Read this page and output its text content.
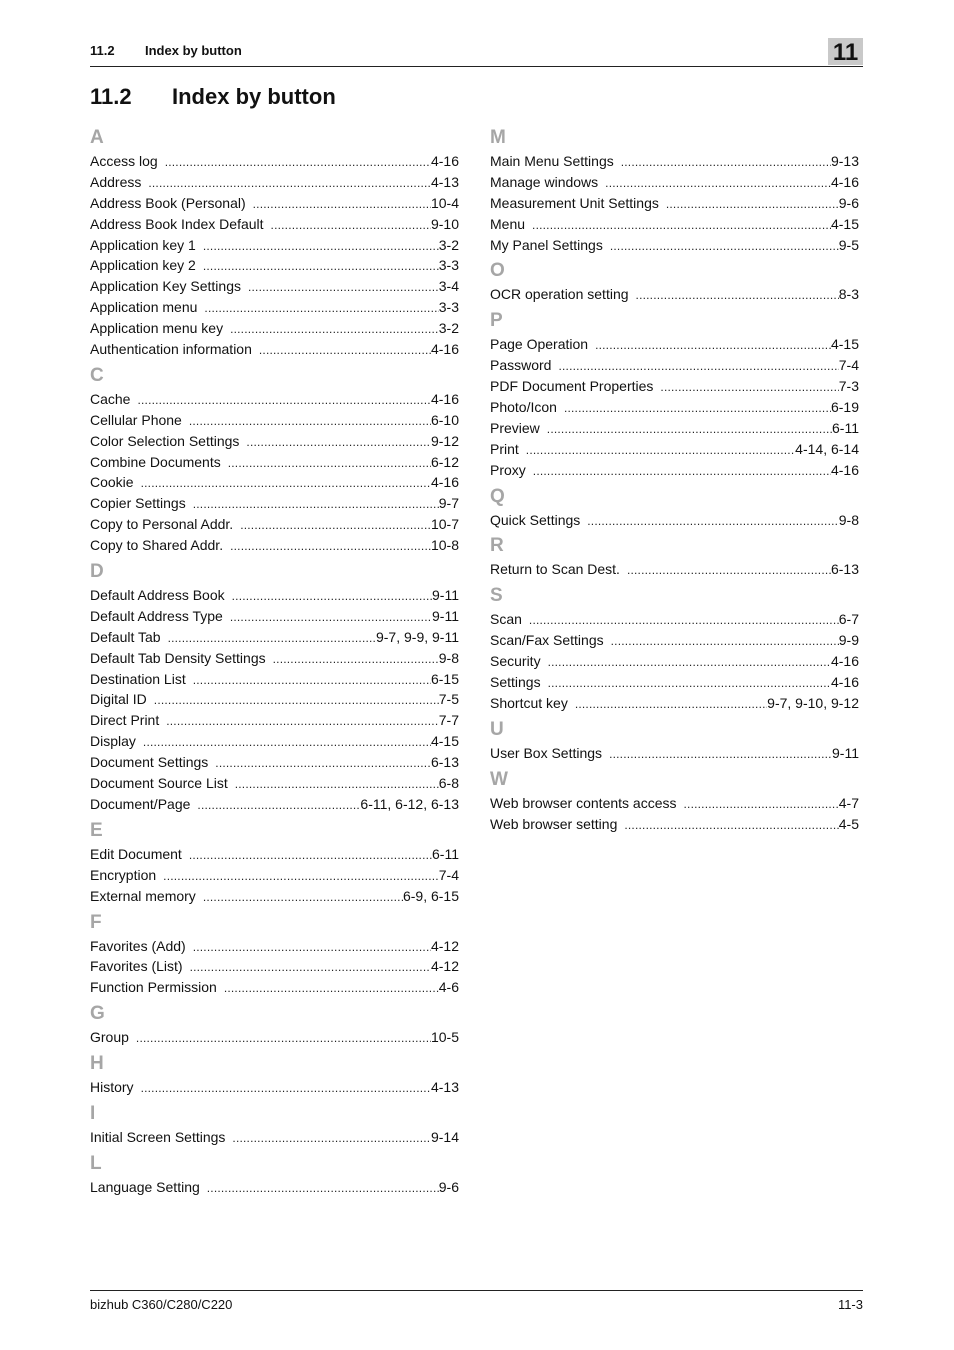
11.2 Index by button	11
11.2 Index by button
A
Access log .....	4-16
Address .....	4-13
Address Book (Personal) .....	10-4
Address Book Index Default .....	9-10
Application key 1 .....	3-2
Application key 2 .....	3-3
Application Key Settings .....	3-4
Application menu .....	3-3
Application menu key .....	3-2
Authentication information .....	4-16
C
Cache .....	4-16
Cellular Phone .....	6-10
Color Selection Settings .....	9-12
Combine Documents .....	6-12
Cookie .....	4-16
Copier Settings .....	9-7
Copy to Personal Addr. .....	10-7
Copy to Shared Addr. .....	10-8
D
Default Address Book .....	9-11
Default Address Type .....	9-11
Default Tab .....	9-7, 9-9, 9-11
Default Tab Density Settings .....	9-8
Destination List .....	6-15
Digital ID .....	7-5
Direct Print .....	7-7
Display .....	4-15
Document Settings .....	6-13
Document Source List .....	6-8
Document/Page .....	6-11, 6-12, 6-13
E
Edit Document .....	6-11
Encryption .....	7-4
External memory .....	6-9, 6-15
F
Favorites (Add) .....	4-12
Favorites (List) .....	4-12
Function Permission .....	4-6
G
Group .....	10-5
H
History .....	4-13
I
Initial Screen Settings .....	9-14
L
Language Setting .....	9-6
M
Main Menu Settings .....	9-13
Manage windows .....	4-16
Measurement Unit Settings .....	9-6
Menu .....	4-15
My Panel Settings .....	9-5
O
OCR operation setting .....	8-3
P
Page Operation .....	4-15
Password .....	7-4
PDF Document Properties .....	7-3
Photo/Icon .....	6-19
Preview .....	6-11
Print .....	4-14, 6-14
Proxy .....	4-16
Q
Quick Settings .....	9-8
R
Return to Scan Dest. .....	6-13
S
Scan .....	6-7
Scan/Fax Settings .....	9-9
Security .....	4-16
Settings .....	4-16
Shortcut key .....	9-7, 9-10, 9-12
U
User Box Settings .....	9-11
W
Web browser contents access .....	4-7
Web browser setting .....	4-5
bizhub C360/C280/C220	11-3
